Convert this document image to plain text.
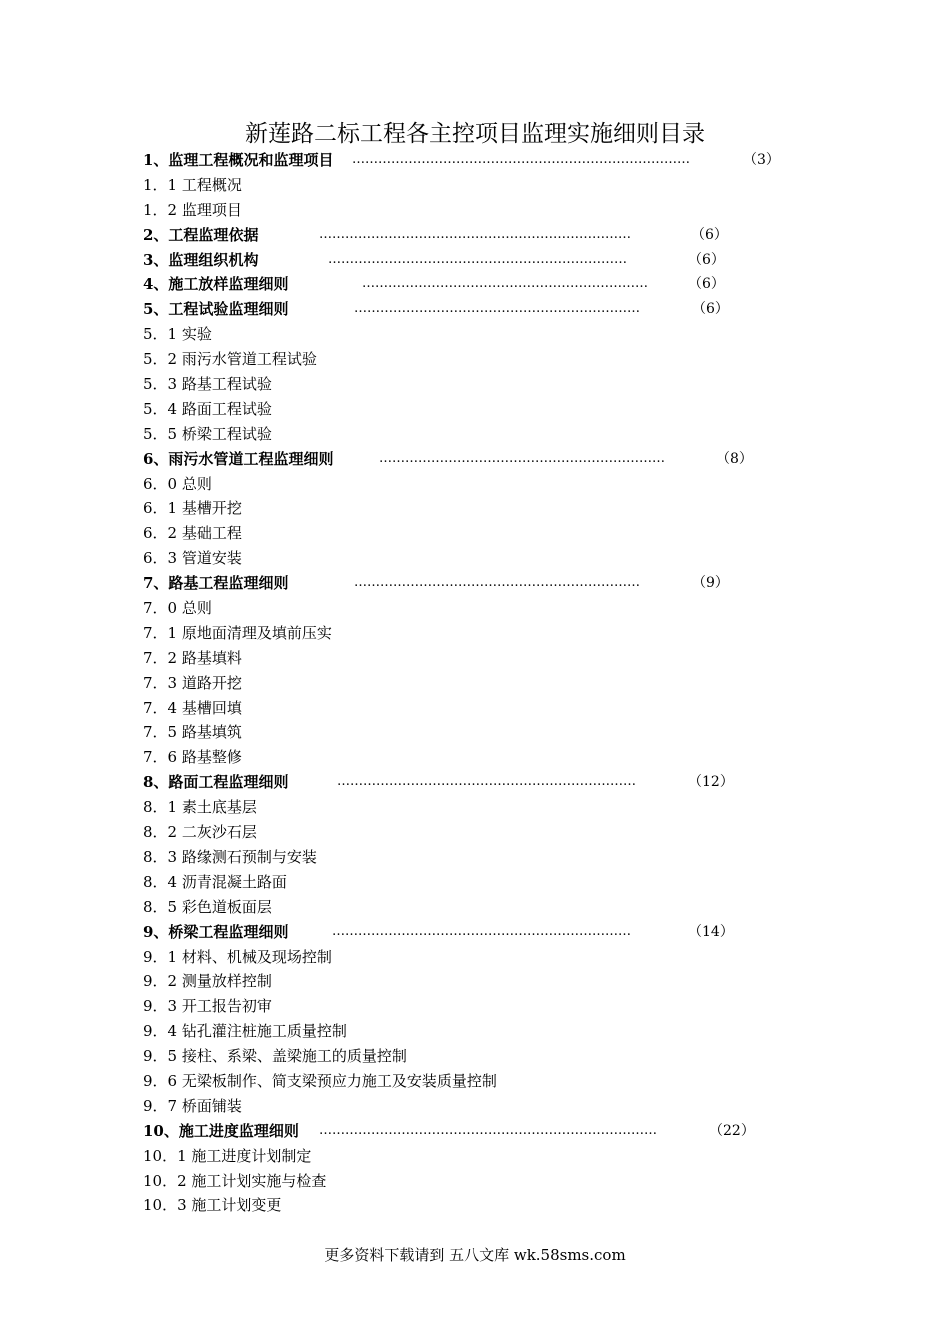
新莲路二标工程各主控项目监理实施细则目录
1、监理工程概况和监理项目 ……………………………………………………………………	（3）
1．1 工程概况
1．2 监理项目
2、工程监理依据	………………………………………………………………	（6）
3、监理组织机构	……………………………………………………………	（6）
4、施工放样监理细则	…………………………………………………………	（6）
5、工程试验监理细则	…………………………………………………………	（6）
5．1 实验
5．2 雨污水管道工程试验
5．3 路基工程试验
5．4 路面工程试验
5．5 桥梁工程试验
6、雨污水管道工程监理细则	…………………………………………………………	（8）
6．0 总则
6．1 基槽开挖
6．2 基础工程
6．3 管道安装
7、路基工程监理细则	…………………………………………………………	（9）
7．0 总则
7．1 原地面清理及填前压实
7．2 路基填料
7．3 道路开挖
7．4 基槽回填
7．5 路基填筑
7．6 路基整修
8、路面工程监理细则	……………………………………………………………	（12）
8．1 素土底基层
8．2 二灰沙石层
8．3 路缘测石预制与安装
8．4 沥青混凝土路面
8．5 彩色道板面层
9、桥梁工程监理细则	……………………………………………………………	（14）
9．1 材料、机械及现场控制
9．2 测量放样控制
9．3 开工报告初审
9．4 钻孔灌注桩施工质量控制
9．5 接柱、系梁、盖梁施工的质量控制
9．6 无梁板制作、简支梁预应力施工及安装质量控制
9．7 桥面铺装
10、施工进度监理细则 ……………………………………………………………………	（22）
10．1 施工进度计划制定
10．2 施工计划实施与检查
10．3 施工计划变更
更多资料下载请到 五八文库 wk.58sms.com
